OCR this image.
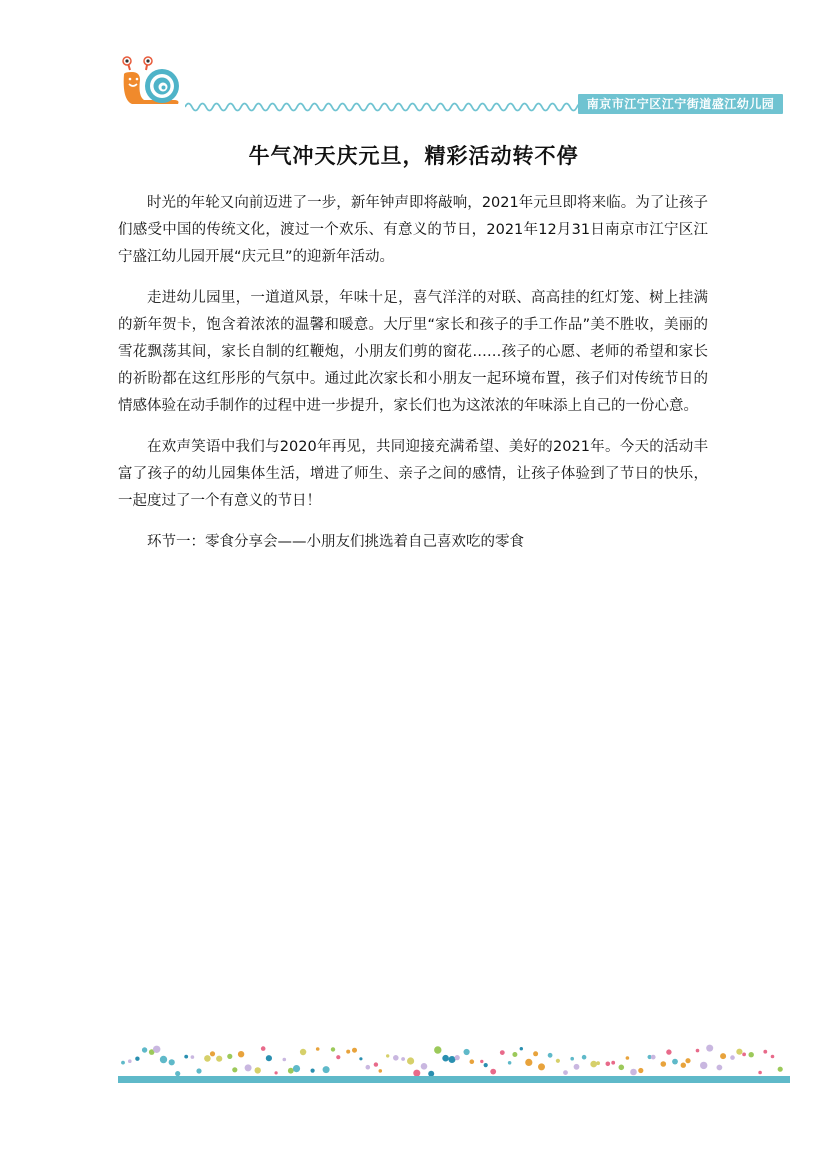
南京市江宁区江宁街道盛江幼儿园
牛气冲天庆元旦，精彩活动转不停

时光的年轮又向前迈进了一步，新年钟声即将敲响，2021年元旦即将来临。为了让孩子们感受中国的传统文化，渡过一个欢乐、有意义的节日，2021年12月31日南京市江宁区江宁盛江幼儿园开展“庆元旦”的迎新年活动。

走进幼儿园里，一道道风景，年味十足，喜气洋洋的对联、高高挂的红灯笼、树上挂满的新年贺卡，饱含着浓浓的温馨和暖意。大厅里“家长和孩子的手工作品”美不胜收，美丽的雪花飘荡其间，家长自制的红鞭炮，小朋友们剪的窗花……孩子的心愿、老师的希望和家长的祈盼都在这红彤彤的气氛中。通过此次家长和小朋友一起环境布置，孩子们对传统节日的情感体验在动手制作的过程中进一步提升，家长们也为这浓浓的年味添上自己的一份心意。

在欢声笑语中我们与2020年再见，共同迎接充满希望、美好的2021年。今天的活动丰富了孩子的幼儿园集体生活，增进了师生、亲子之间的感情，让孩子体验到了节日的快乐，一起度过了一个有意义的节日！

环节一：零食分享会——小朋友们挑选着自己喜欢吃的零食
